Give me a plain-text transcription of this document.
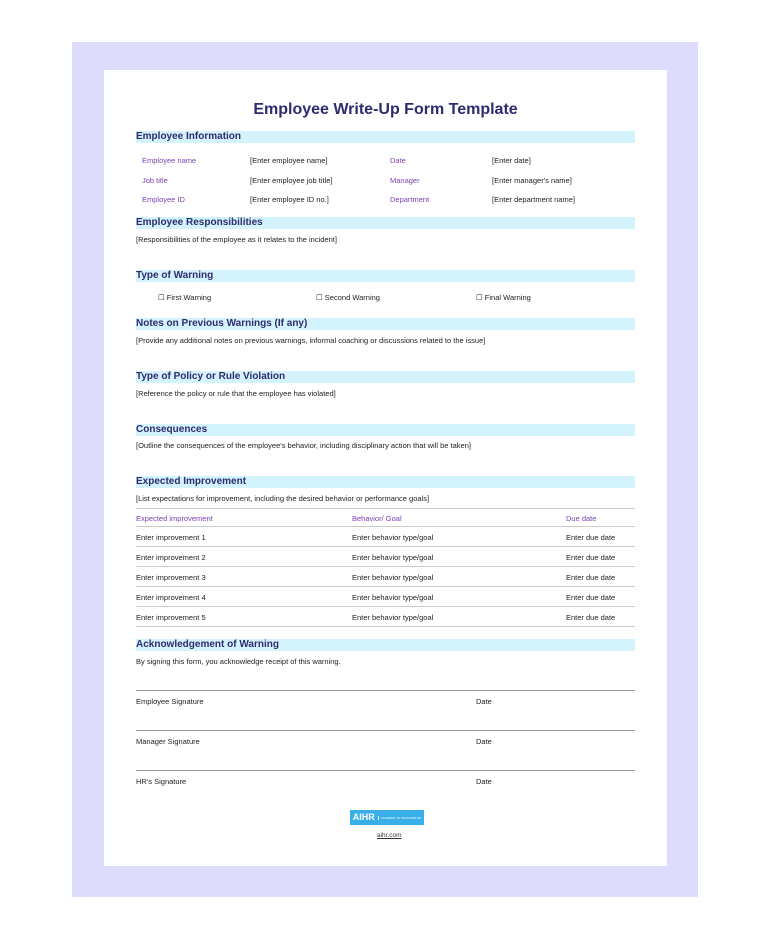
Employee Write-Up Form Template
Employee Information
Employee name	[Enter employee name]	Date	[Enter date]
Job title	[Enter employee job title]	Manager	[Enter manager's name]
Employee ID	[Enter employee ID no.]	Department	[Enter department name]
Employee Responsibilities
[Responsibilities of the employee as it relates to the incident]
Type of Warning
☐ First Warning	☐ Second Warning	☐ Final Warning
Notes on Previous Warnings (If any)
[Provide any additional notes on previous warnings, informal coaching or discussions related to the issue]
Type of Policy or Rule Violation
[Reference the policy or rule that the employee has violated]
Consequences
[Outline the consequences of the employee's behavior, including disciplinary action that will be taken]
Expected Improvement
[List expectations for improvement, including the desired behavior or performance goals]
Expected improvement	Behavior/ Goal	Due date
Enter improvement 1	Enter behavior type/goal	Enter due date
Enter improvement 2	Enter behavior type/goal	Enter due date
Enter improvement 3	Enter behavior type/goal	Enter due date
Enter improvement 4	Enter behavior type/goal	Enter due date
Enter improvement 5	Enter behavior type/goal	Enter due date
Acknowledgement of Warning
By signing this form, you acknowledge receipt of this warning.
Employee Signature	Date
Manager Signature	Date
HR's Signature	Date
AIHR	ACADEMY TO INNOVATE HR
aihr.com
